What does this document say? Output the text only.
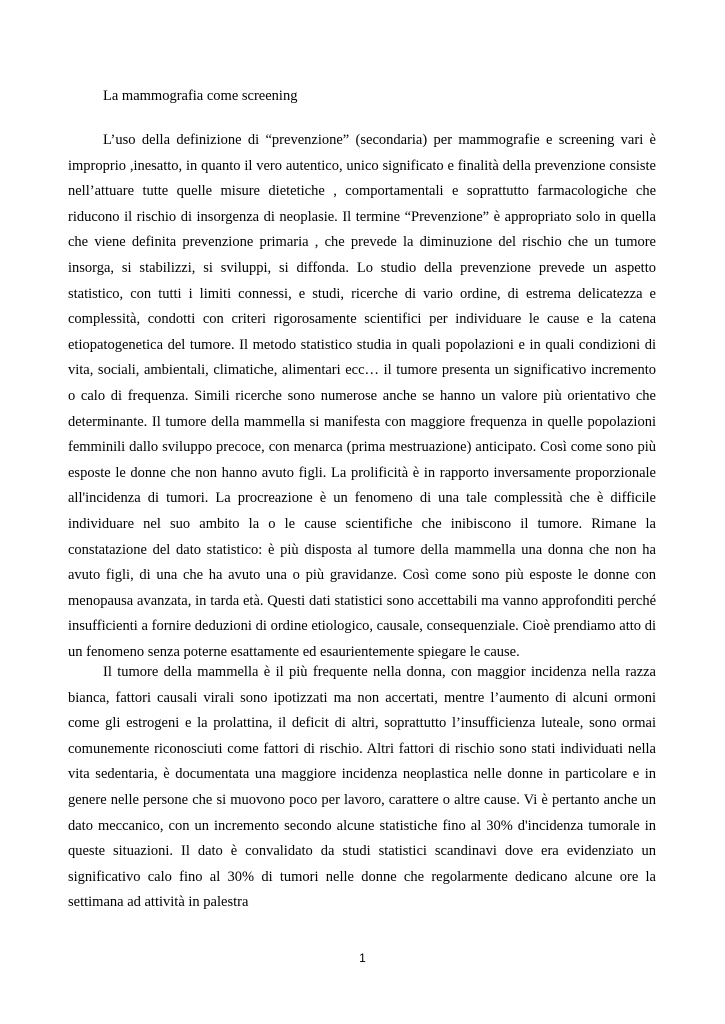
La mammografia come screening

L’uso della definizione di “prevenzione” (secondaria) per mammografie e screening vari è improprio ,inesatto, in quanto il vero autentico, unico significato e finalità della prevenzione consiste nell’attuare tutte quelle misure dietetiche , comportamentali e soprattutto farmacologiche che riducono il rischio di insorgenza di neoplasie. Il termine “Prevenzione” è appropriato solo in quella che viene definita prevenzione primaria , che prevede la diminuzione del rischio che un tumore insorga, si stabilizzi, si sviluppi, si diffonda. Lo studio della prevenzione prevede un aspetto statistico, con tutti i limiti connessi, e studi, ricerche di vario ordine, di estrema delicatezza e complessità, condotti con criteri rigorosamente scientifici per individuare le cause e la catena etiopatogenetica del tumore. Il metodo statistico studia in quali popolazioni e in quali condizioni di vita, sociali, ambientali, climatiche, alimentari ecc… il tumore presenta un significativo incremento o calo di frequenza. Simili ricerche sono numerose anche se hanno un valore più orientativo che determinante. Il tumore della mammella si manifesta con maggiore frequenza in quelle popolazioni femminili dallo sviluppo precoce, con menarca (prima mestruazione) anticipato. Così come sono più esposte le donne che non hanno avuto figli. La prolificità è in rapporto inversamente proporzionale all'incidenza di tumori. La procreazione è un fenomeno di una tale complessità che è difficile individuare nel suo ambito la o le cause scientifiche che inibiscono il tumore. Rimane la constatazione del dato statistico: è più disposta al tumore della mammella una donna che non ha avuto figli, di una che ha avuto una o più gravidanze. Così come sono più esposte le donne con menopausa avanzata, in tarda età. Questi dati statistici sono accettabili ma vanno approfonditi perché insufficienti a fornire deduzioni di ordine etiologico, causale, consequenziale. Cioè prendiamo atto di un fenomeno senza poterne esattamente ed esaurientemente spiegare le cause.

Il tumore della mammella è il più frequente nella donna, con maggior incidenza nella razza bianca, fattori causali virali sono ipotizzati ma non accertati, mentre l’aumento di alcuni ormoni come gli estrogeni e la prolattina, il deficit di altri, soprattutto l’insufficienza luteale, sono ormai comunemente riconosciuti come fattori di rischio. Altri fattori di rischio sono stati individuati nella vita sedentaria, è documentata una maggiore incidenza neoplastica nelle donne in particolare e in genere nelle persone che si muovono poco per lavoro, carattere o altre cause. Vi è pertanto anche un dato meccanico, con un incremento secondo alcune statistiche fino al 30% d'incidenza tumorale in queste situazioni. Il dato è convalidato da studi statistici scandinavi dove era evidenziato un significativo calo fino al 30% di tumori nelle donne che regolarmente dedicano alcune ore la settimana ad attività in palestra

1
